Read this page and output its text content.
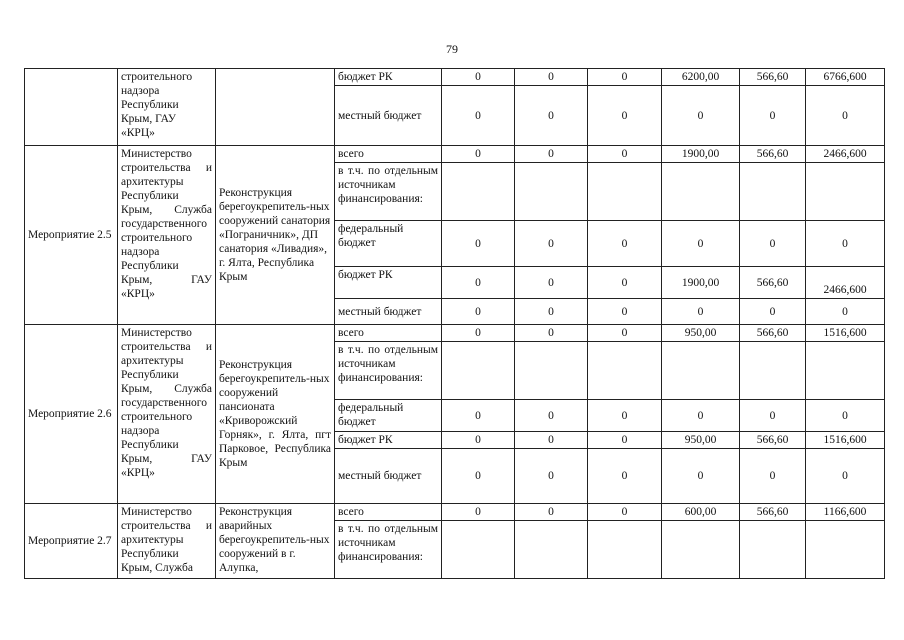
79
	строительного надзора Республики Крым, ГАУ «КРЦ»		бюджет РК	0	0	0	6200,00	566,60	6766,600
			местный бюджет	0	0	0	0	0	0
Мероприятие 2.5	Министерство строительства и архитектуры Республики Крым, Служба государственного строительного надзора Республики Крым, ГАУ «КРЦ»	Реконструкция берегоукрепитель-ных сооружений санатория «Пограничник», ДП санатория «Ливадия», г. Ялта, Республика Крым	всего	0	0	0	1900,00	566,60	2466,600
			в т.ч. по отдельным источникам финансирования:						
			федеральный бюджет	0	0	0	0	0	0
			бюджет РК	0	0	0	1900,00	566,60	2466,600
			местный бюджет	0	0	0	0	0	0
Мероприятие 2.6	Министерство строительства и архитектуры Республики Крым, Служба государственного строительного надзора Республики Крым, ГАУ «КРЦ»	Реконструкция берегоукрепитель-ных сооружений пансионата «Криворожский Горняк», г. Ялта, пгт Парковое, Республика Крым	всего	0	0	0	950,00	566,60	1516,600
			в т.ч. по отдельным источникам финансирования:						
			федеральный бюджет	0	0	0	0	0	0
			бюджет РК	0	0	0	950,00	566,60	1516,600
			местный бюджет	0	0	0	0	0	0
Мероприятие 2.7	Министерство строительства и архитектуры Республики Крым, Служба	Реконструкция аварийных берегоукрепитель-ных сооружений в г. Алупка,	всего	0	0	0	600,00	566,60	1166,600
			в т.ч. по отдельным источникам финансирования:						
